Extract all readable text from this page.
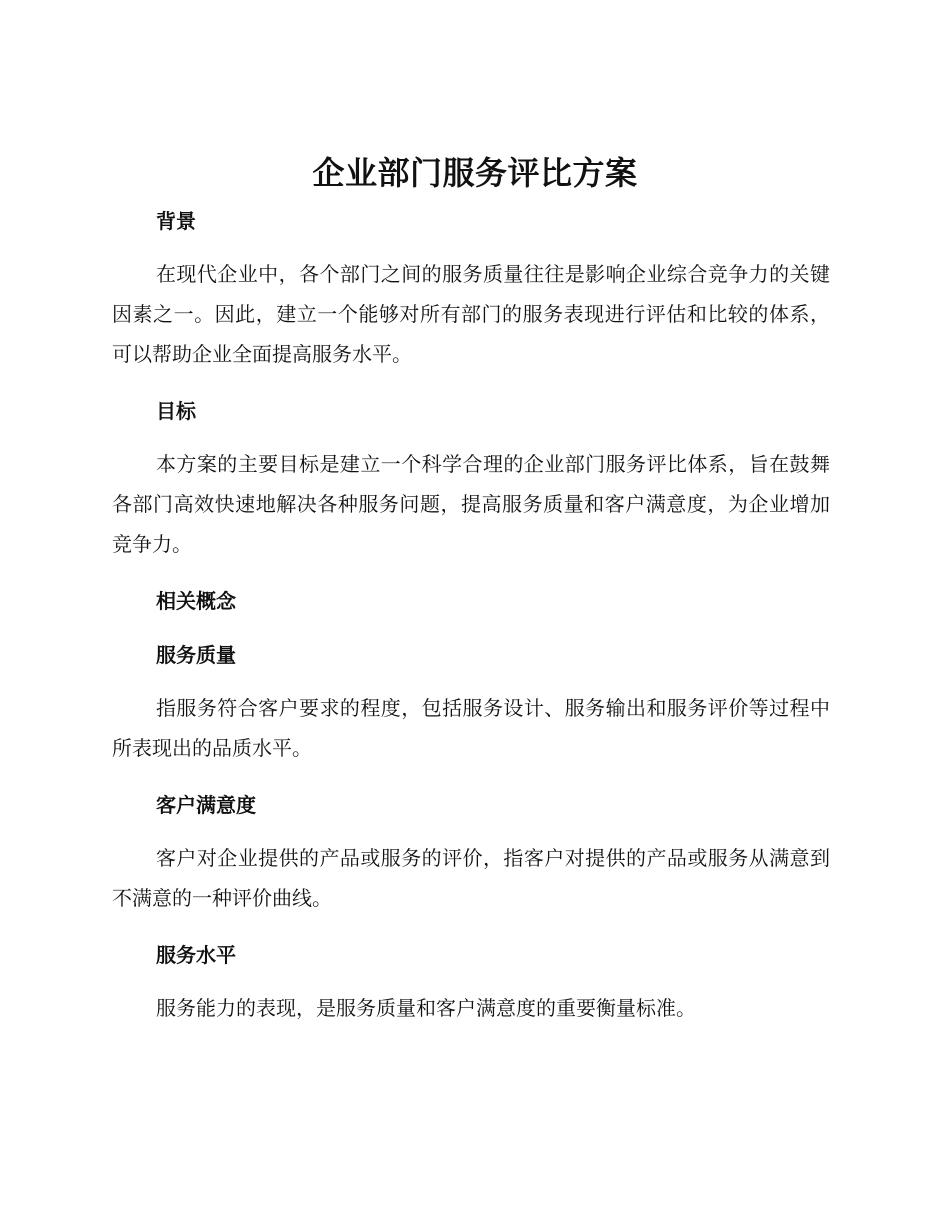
企业部门服务评比方案
背景

在现代企业中，各个部门之间的服务质量往往是影响企业综合竞争力的关键因素之一。因此，建立一个能够对所有部门的服务表现进行评估和比较的体系，可以帮助企业全面提高服务水平。

目标

本方案的主要目标是建立一个科学合理的企业部门服务评比体系，旨在鼓舞各部门高效快速地解决各种服务问题，提高服务质量和客户满意度，为企业增加竞争力。

相关概念
服务质量

指服务符合客户要求的程度，包括服务设计、服务输出和服务评价等过程中所表现出的品质水平。

客户满意度

客户对企业提供的产品或服务的评价，指客户对提供的产品或服务从满意到不满意的一种评价曲线。

服务水平

服务能力的表现，是服务质量和客户满意度的重要衡量标准。
